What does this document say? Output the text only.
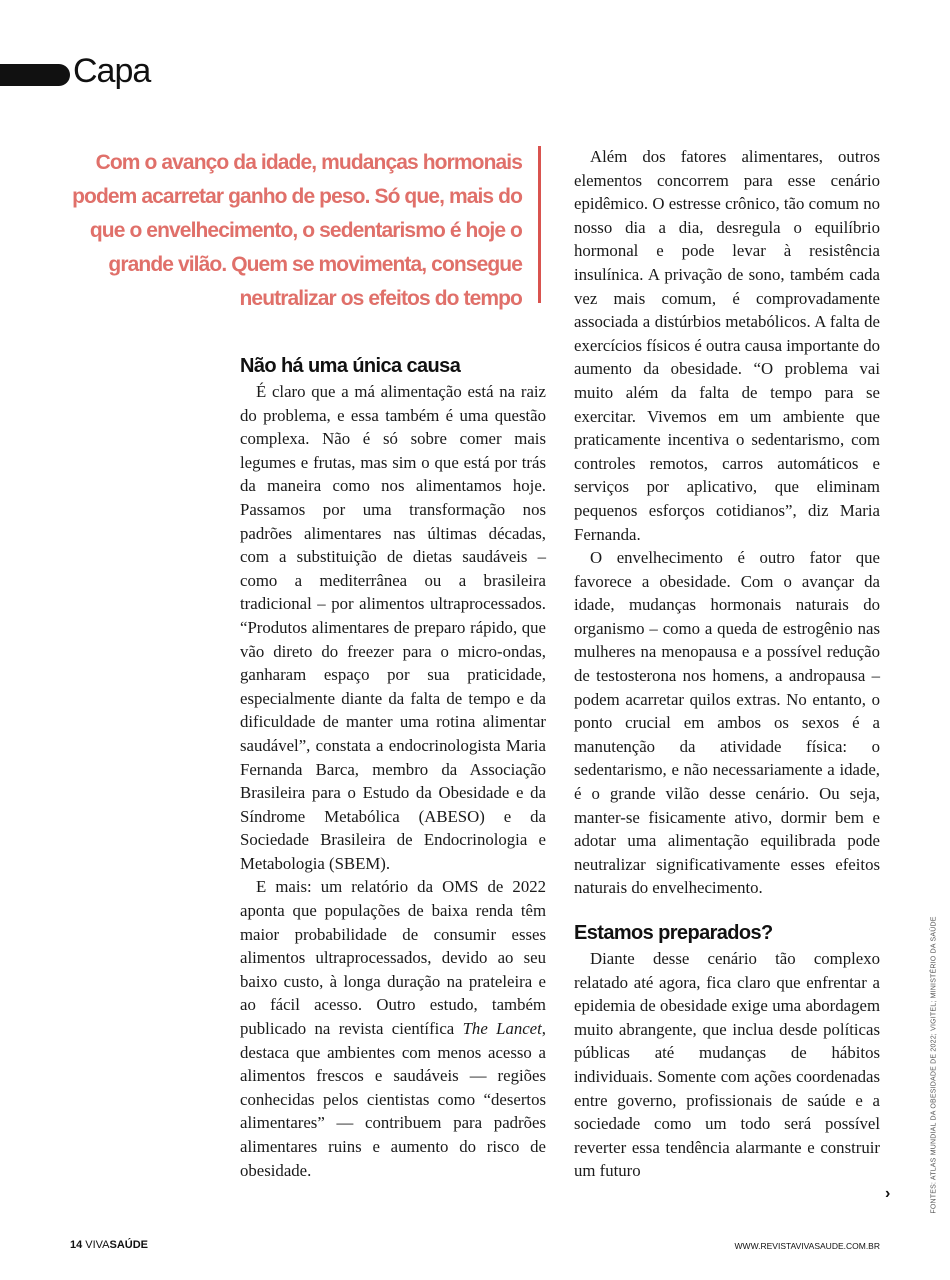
Capa

Com o avanço da idade, mudanças hormonais podem acarretar ganho de peso. Só que, mais do que o envelhecimento, o sedentarismo é hoje o grande vilão. Quem se movimenta, consegue neutralizar os efeitos do tempo

Não há uma única causa

É claro que a má alimentação está na raiz do problema, e essa também é uma questão complexa. Não é só sobre comer mais legumes e frutas, mas sim o que está por trás da maneira como nos alimentamos hoje. Passamos por uma transformação nos padrões alimentares nas últimas décadas, com a substituição de dietas saudáveis – como a mediterrânea ou a brasileira tradicional – por alimentos ultraprocessados. “Produtos alimentares de preparo rápido, que vão direto do freezer para o micro-ondas, ganharam espaço por sua praticidade, especialmente diante da falta de tempo e da dificuldade de manter uma rotina alimentar saudável”, constata a endocrinologista Maria Fernanda Barca, membro da Associação Brasileira para o Estudo da Obesidade e da Síndrome Metabólica (ABESO) e da Sociedade Brasileira de Endocrinologia e Metabologia (SBEM).

E mais: um relatório da OMS de 2022 aponta que populações de baixa renda têm maior probabilidade de consumir esses alimentos ultraprocessados, devido ao seu baixo custo, à longa duração na prateleira e ao fácil acesso. Outro estudo, também publicado na revista científica The Lancet, destaca que ambientes com menos acesso a alimentos frescos e saudáveis — regiões conhecidas pelos cientistas como “desertos alimentares” — contribuem para padrões alimentares ruins e aumento do risco de obesidade.

Além dos fatores alimentares, outros elementos concorrem para esse cenário epidêmico. O estresse crônico, tão comum no nosso dia a dia, desregula o equilíbrio hormonal e pode levar à resistência insulínica. A privação de sono, também cada vez mais comum, é comprovadamente associada a distúrbios metabólicos. A falta de exercícios físicos é outra causa importante do aumento da obesidade. “O problema vai muito além da falta de tempo para se exercitar. Vivemos em um ambiente que praticamente incentiva o sedentarismo, com controles remotos, carros automáticos e serviços por aplicativo, que eliminam pequenos esforços cotidianos”, diz Maria Fernanda.

O envelhecimento é outro fator que favorece a obesidade. Com o avançar da idade, mudanças hormonais naturais do organismo – como a queda de estrogênio nas mulheres na menopausa e a possível redução de testosterona nos homens, a andropausa – podem acarretar quilos extras. No entanto, o ponto crucial em ambos os sexos é a manutenção da atividade física: o sedentarismo, e não necessariamente a idade, é o grande vilão desse cenário. Ou seja, manter-se fisicamente ativo, dormir bem e adotar uma alimentação equilibrada pode neutralizar significativamente esses efeitos naturais do envelhecimento.

Estamos preparados?

Diante desse cenário tão complexo relatado até agora, fica claro que enfrentar a epidemia de obesidade exige uma abordagem muito abrangente, que inclua desde políticas públicas até mudanças de hábitos individuais. Somente com ações coordenadas entre governo, profissionais de saúde e a sociedade como um todo será possível reverter essa tendência alarmante e construir um futuro

›	FONTES: ATLAS MUNDIAL DA OBESIDADE DE 2022; VIGITEL; MINISTÉRIO DA SAÚDE

14 VIVASAÚDE	WWW.REVISTAVIVASAUDE.COM.BR
